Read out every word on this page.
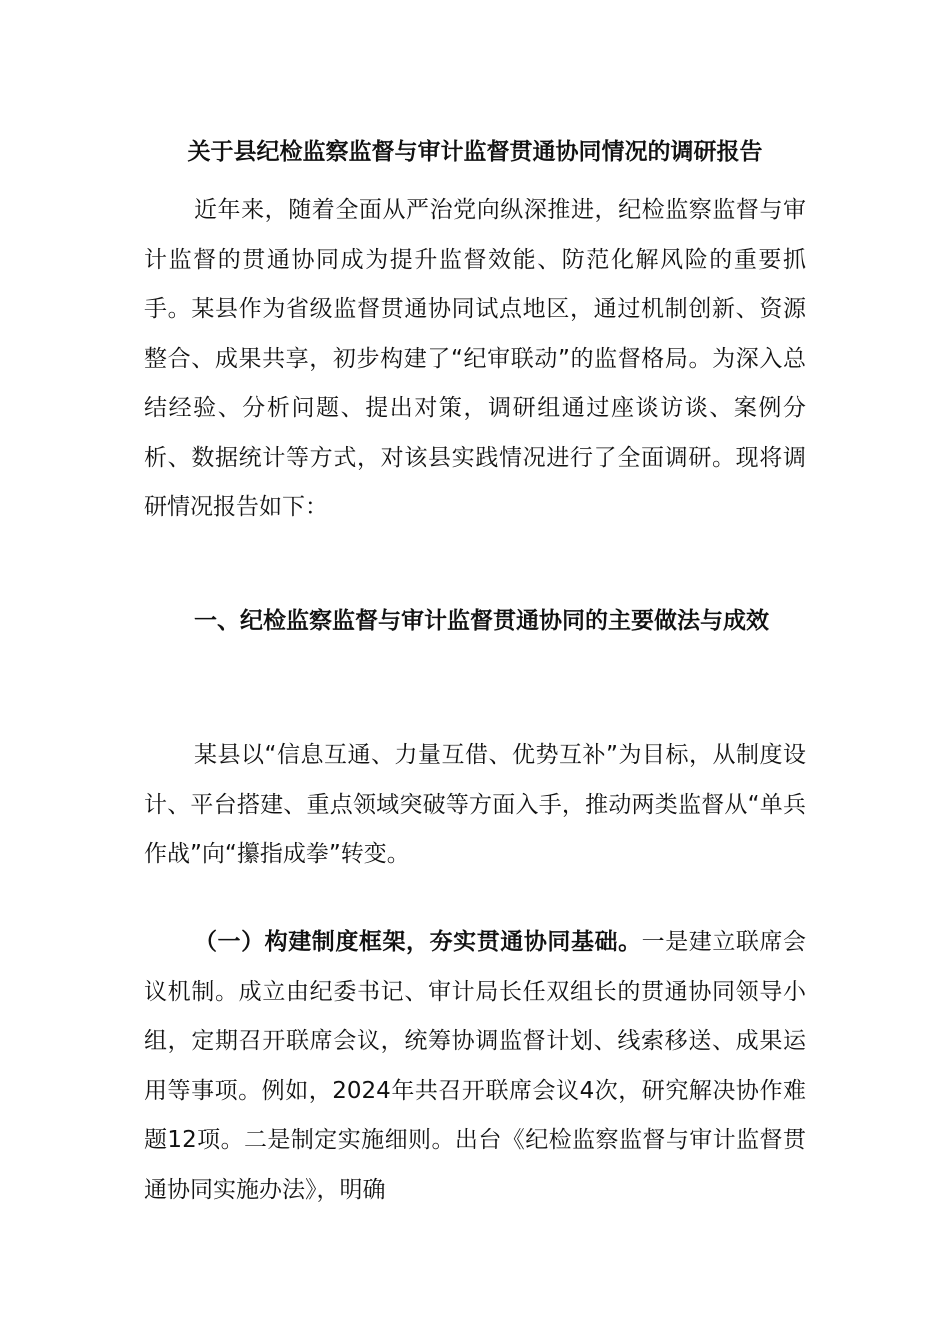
关于县纪检监察监督与审计监督贯通协同情况的调研报告

近年来，随着全面从严治党向纵深推进，纪检监察监督与审计监督的贯通协同成为提升监督效能、防范化解风险的重要抓手。某县作为省级监督贯通协同试点地区，通过机制创新、资源整合、成果共享，初步构建了“纪审联动”的监督格局。为深入总结经验、分析问题、提出对策，调研组通过座谈访谈、案例分析、数据统计等方式，对该县实践情况进行了全面调研。现将调研情况报告如下：

一、纪检监察监督与审计监督贯通协同的主要做法与成效

某县以“信息互通、力量互借、优势互补”为目标，从制度设计、平台搭建、重点领域突破等方面入手，推动两类监督从“单兵作战”向“攥指成拳”转变。

（一）构建制度框架，夯实贯通协同基础。一是建立联席会议机制。成立由纪委书记、审计局长任双组长的贯通协同领导小组，定期召开联席会议，统筹协调监督计划、线索移送、成果运用等事项。例如，2024年共召开联席会议4次，研究解决协作难题12项。二是制定实施细则。出台《纪检监察监督与审计监督贯通协同实施办法》，明确
